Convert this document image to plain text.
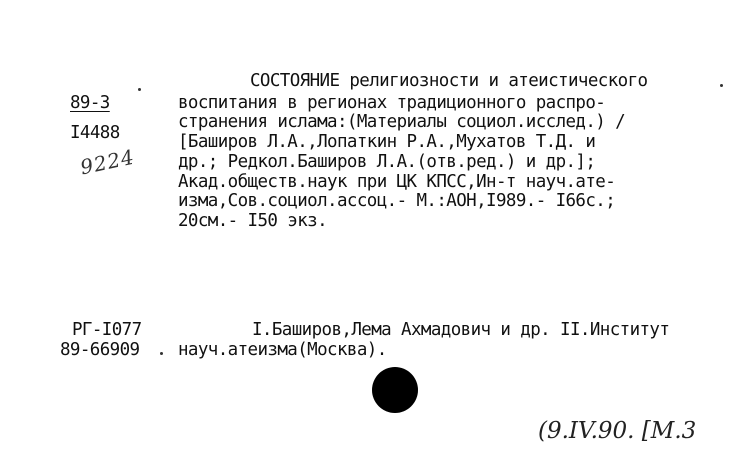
89-3
I4488
9224
СОСТОЯНИЕ религиозности и атеистического
воспитания в регионах традиционного распро-
странения ислама:(Материалы социол.исслед.) /
[Баширов Л.А.,Лопаткин Р.А.,Мухатов Т.Д. и
др.; Редкол.Баширов Л.А.(отв.ред.) и др.];
Акад.обществ.наук при ЦК КПСС,Ин-т науч.ате-
изма,Сов.социол.ассоц.- М.:АОН,I989.- I66с.;
20см.- I50 экз.
РГ-I077
89-66909
I.Баширов,Лема Ахмадович и др. II.Институт
науч.атеизма(Москва).
(9.IV.90. [M.3
